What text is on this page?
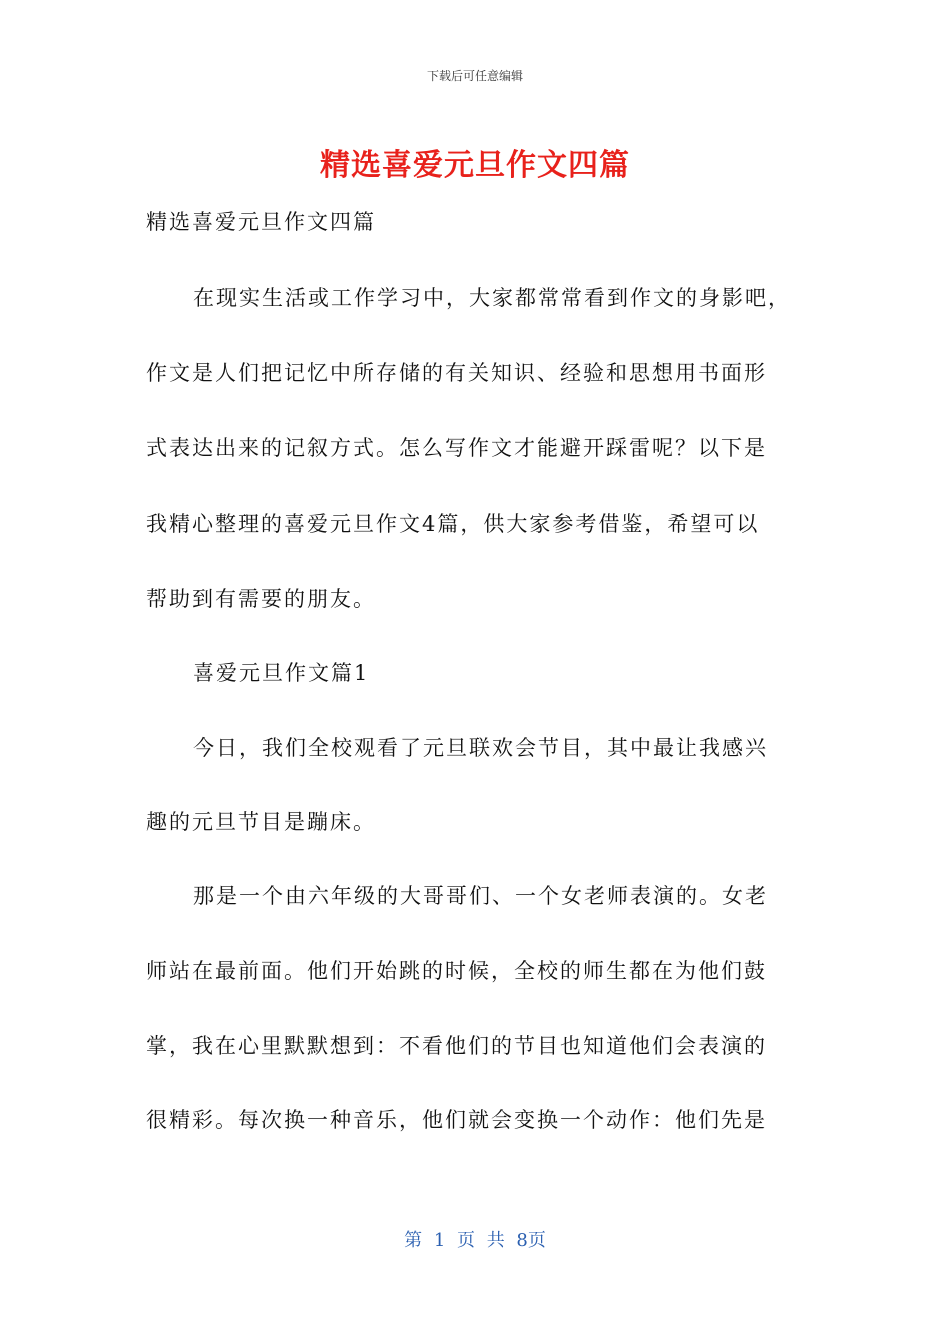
下载后可任意编辑
精选喜爱元旦作文四篇
精选喜爱元旦作文四篇
在现实生活或工作学习中，大家都常常看到作文的身影吧，
作文是人们把记忆中所存储的有关知识、经验和思想用书面形
式表达出来的记叙方式。怎么写作文才能避开踩雷呢？以下是
我精心整理的喜爱元旦作文4篇，供大家参考借鉴，希望可以
帮助到有需要的朋友。
喜爱元旦作文篇1
今日，我们全校观看了元旦联欢会节目，其中最让我感兴
趣的元旦节目是蹦床。
那是一个由六年级的大哥哥们、一个女老师表演的。女老
师站在最前面。他们开始跳的时候，全校的师生都在为他们鼓
掌，我在心里默默想到：不看他们的节目也知道他们会表演的
很精彩。每次换一种音乐，他们就会变换一个动作：他们先是
第 1 页 共 8页
